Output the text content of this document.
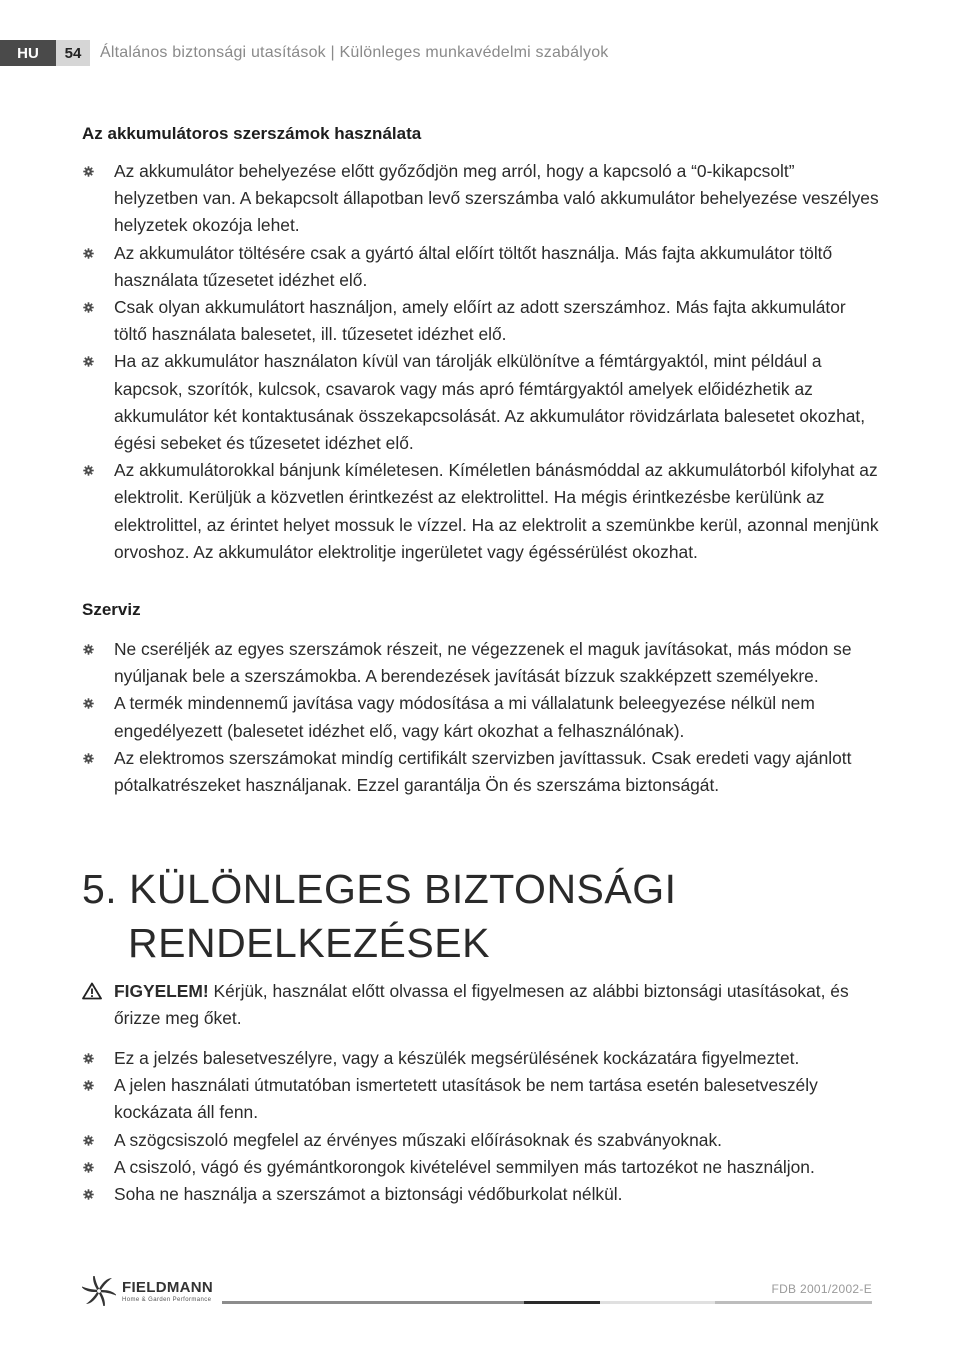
HU	54	Általános biztonsági utasítások | Különleges munkavédelmi szabályok
Az akkumulátoros szerszámok használata
Az akkumulátor behelyezése előtt győződjön meg arról, hogy a kapcsoló a “0-kikapcsolt” helyzetben van. A bekapcsolt állapotban levő szerszámba való akkumulátor behelyezése veszélyes helyzetek okozója lehet.
Az akkumulátor töltésére csak a gyártó által előírt töltőt használja. Más fajta akkumulátor töltő használata tűzesetet idézhet elő.
Csak olyan akkumulátort használjon, amely előírt az adott szerszámhoz. Más fajta akkumulátor töltő használata balesetet, ill. tűzesetet idézhet elő.
Ha az akkumulátor használaton kívül van tárolják elkülönítve a fémtárgyaktól, mint például a kapcsok, szorítók, kulcsok, csavarok vagy más apró fémtárgyaktól amelyek előidézhetik az akkumulátor két kontaktusának összekapcsolását. Az akkumulátor rövidzárlata balesetet okozhat, égési sebeket és tűzesetet idézhet elő.
Az akkumulátorokkal bánjunk kíméletesen. Kíméletlen bánásmóddal az akkumulátorból kifolyhat az elektrolit. Kerüljük a közvetlen érintkezést az elektrolittel. Ha mégis érintkezésbe kerülünk az elektrolittel, az érintet helyet mossuk le vízzel. Ha az elektrolit a szemünkbe kerül, azonnal menjünk orvoshoz. Az akkumulátor elektrolitje ingerületet vagy égéssérülést okozhat.
Szerviz
Ne cseréljék az egyes szerszámok részeit, ne végezzenek el maguk javításokat, más módon se nyúljanak bele a szerszámokba. A berendezések javítását bízzuk szakképzett személyekre.
A termék mindennemű javítása vagy módosítása a mi vállalatunk beleegyezése nélkül nem engedélyezett (balesetet idézhet elő, vagy kárt okozhat a felhasználónak).
Az elektromos szerszámokat mindíg certifikált szervizben javíttassuk. Csak eredeti vagy ajánlott pótalkatrészeket használjanak. Ezzel garantálja Ön és szerszáma biztonságát.
5. KÜLÖNLEGES BIZTONSÁGI
RENDELKEZÉSEK
FIGYELEM! Kérjük, használat előtt olvassa el figyelmesen az alábbi biztonsági utasításokat, és őrizze meg őket.
Ez a jelzés balesetveszélyre, vagy a készülék megsérülésének kockázatára figyelmeztet.
A jelen használati útmutatóban ismertetett utasítások be nem tartása esetén balesetveszély kockázata áll fenn.
A szögcsiszoló megfelel az érvényes műszaki előírásoknak és szabványoknak.
A csiszoló, vágó és gyémántkorongok kivételével semmilyen más tartozékot ne használjon.
Soha ne használja a szerszámot a biztonsági védőburkolat nélkül.
FIELDMANN
Home & Garden Performance
FDB 2001/2002-E
